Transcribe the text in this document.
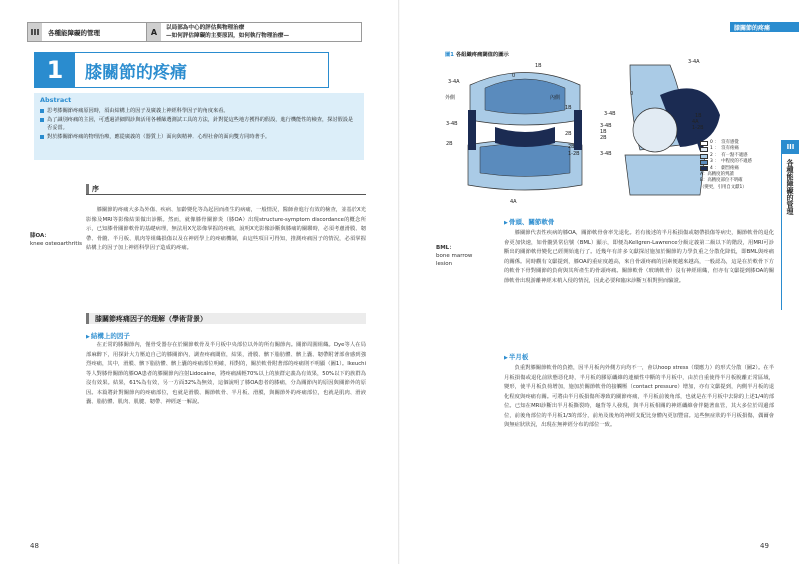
III	各種能障礙的管理	A	以局部為中心的評估與物理治療
—如何評估障礙的主要原因，如何執行物理治療—
1	膝關節的疼痛
Abstract
思考膝關節疼痛原因時，須由結構上的因子及廣義上神經科學因子的角度來看。
為了識別疼痛的主因，可透過詳細問診與活用各種篩選測試工具的方法，針對從這些地方獲得的假設，進行機能性的檢查，探討假設是否妥當。
對於膝關節疼痛的物理治療，應從廣義的（器質上）面向與精神．心理社會的面向雙方同時著手。
序
膝OA：
knee osteoarthritis
膝關節的疼痛大多為外傷、疾病、加齡變化等為起因而產生的病痛，一般情況，醫師會進行有效的檢查，並基於X光影像及MRI等影像結果做出診斷。然而，就像膝骨關節炎（膝OA）出現structure-symptom discordance的概念所示，已知膝骨關節軟骨的基礎病理，無法用X光影像掌握的疼痛，說明X光影像診斷與膝痛的關聯時，必須考慮滑膜、韌帶、骨髓、半月板、肌肉等組織損傷以及在神經學上的疼痛機制，由這些項目可得知，推測疼痛因子的情況，必須掌握結構上的因子加上神經科學因子造成的疼痛。
膝關節疼痛因子的理解（學術背景）
▶ 結構上的因子
在正常的膝關節內，僅骨受器存在於關節軟骨及半月板中央部位以外的所有關節內。關節周圍組織。Dye等人在局部麻醉下，用探針大力壓迫自己的膝關節內，調查疼痛閾值，結果，滑膜、髕下脂肪體、髕上囊、韌帶附著部會感到強烈疼痛，其中，滑膜、髕下脂肪體、髕上囊的疼痛部位明確，相對的，關於軟骨附著部的疼痛則不明顯（圖1）。Ikeuchi等人對膝骨關節的膝OA患者的膝關節內注射Lidocaine，將疼痛減輕70%以上的族群定義為有效果，50%以下的族群為沒有效果。結果，61%為有效，另一方面32%為無效，這個說明了膝OA患者的膝痛，分為關節內的原因與關節外的原因。本篇將針對關節內的疼痛部位，也就是滑膜、關節軟骨、半月板、滑膜，與關節外的疼痛部位，也就是肌肉、滑液囊、脂肪體、肌肉、肌腱、韌帶、神經逐一解說。
48
膝關節的疼痛
圖1 各組織疼痛閾值的圖示
3-4A
1B
0
外側	內側
1B
2B
2B
3-4B
2B
1-2B
4A
3-4A
1B
4A
1-2B
3-4B
1B
2B
0
3-4B
3-4B
0 ： 沒有感覺
1 ： 沒有疼痛
2 ： 有一點不適感
3 ： 中程度的不適感
4 ： 劇烈疼痛
A：高精度的判讀
B：高精度部位不明確
（變更，引用自文獻1）
III
各種能障礙的管理
BML：
bone marrow
lesion
▶ 骨頭、關節軟骨
膝關節代表性疾病的膝OA，關節軟骨會率先退化。若有後述的半月板損傷或韌帶損傷等病史，關節軟骨的退化會更加快速，如骨髓異常信號（BML）顯示，即便為Kellgren-Lawrence分級定義第二級以下的階段，用MRI可診斷出的關節軟骨變化已經開始進行了。近幾年有許多文獻探討施加於關節的力學負重之分散化降低，即BML與疼痛的關係。同時觀有文獻提到，膝OA的重症度越高，來自骨頭疼痛的因素便越來越高，一般認為，這是在於軟骨下方的軟骨下骨對關節的負荷與其所產生的骨頭疼痛。關節軟骨（玻璃軟骨）沒有神經組織，但亦有文獻提到膝OA的關節軟骨出現游離神經末梢入侵的情況，因此必要和臨床診斷互相對照而驗證。
▶ 半月板
負重對膝關節軟骨的負擔，因半月板內外側方向均不一，會以hoop stress（環應力）的形式分散（圖2）。在半月板損傷或退化前狀態惡化時，半月板的膠原纖維的連續性中斷的半月板中，由於自重使得半月板脫離正常區域，變形，使半月板負荷增加，施加於關節軟骨的接觸壓（contact pressure）增加，亦有文獻提到，內側半月板的退化程度與疼痛有關。可將由半月板損傷所導致的關節疼痛，半月板前後角部，也就是在半月板中去除的上述1/4的部位。已知在MRI診斷出半月板撕裂時，龜背等人發現，與半月板相關的神經纖維會伴隨著血管，其大多位於周邊部位，前後角部位的半月板1/3的部分，前角及後角的神經支配比身體內更加豐富。這些無症狀的半月板損傷，偶爾會與無症狀狀況，出現在無神經分布的部位一致。
49
